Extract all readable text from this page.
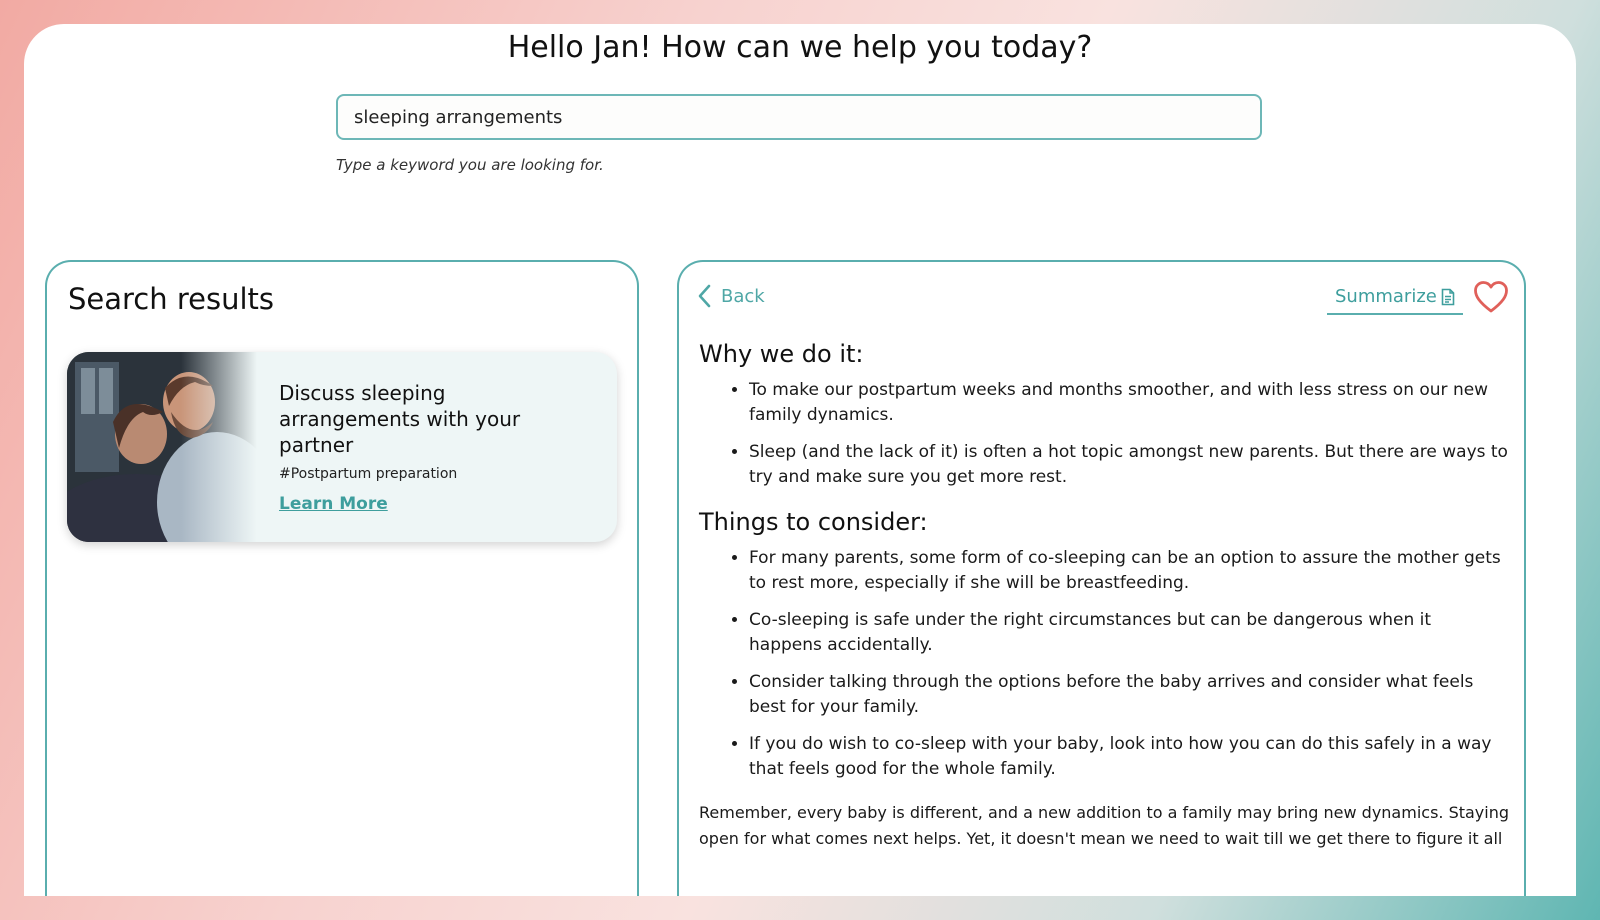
Hello Jan! How can we help you today?
sleeping arrangements
Type a keyword you are looking for.
Search results
Discuss sleeping arrangements with your partner
#Postpartum preparation
Learn More
Back	Summarize
Why we do it:
• To make our postpartum weeks and months smoother, and with less stress on our new family dynamics.
• Sleep (and the lack of it) is often a hot topic amongst new parents. But there are ways to try and make sure you get more rest.
Things to consider:
• For many parents, some form of co-sleeping can be an option to assure the mother gets to rest more, especially if she will be breastfeeding.
• Co-sleeping is safe under the right circumstances but can be dangerous when it happens accidentally.
• Consider talking through the options before the baby arrives and consider what feels best for your family.
• If you do wish to co-sleep with your baby, look into how you can do this safely in a way that feels good for the whole family.

Remember, every baby is different, and a new addition to a family may bring new dynamics. Staying open for what comes next helps. Yet, it doesn't mean we need to wait till we get there to figure it all
